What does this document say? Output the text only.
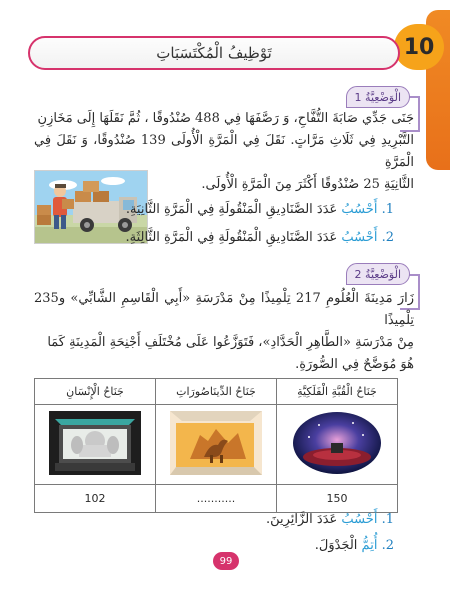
10
تَوْظِيفُ الْمُكْتَسَبَاتِ
الْوَضْعِيَّةُ 1
جَنَى جَدِّي صَابَةَ التُّفَّاحِ، وَ رَصَّفَهَا فِي 488 صُنْدُوقًا ، ثُمَّ نَقَلَهَا إِلَى مَخَازِنِ
التَّبْرِيدِ فِي ثَلَاثِ مَرَّاتٍ. نَقَلَ فِي الْمَرَّةِ الْأُولَى 139 صُنْدُوقًا، وَ نَقَلَ فِي الْمَرَّةِ
الثَّانِيَةِ 25 صُنْدُوقًا أَكْثَرَ مِنَ الْمَرَّةِ الْأُولَى.
1. أَحْسُبُ عَدَدَ الصَّنَادِيقِ الْمَنْقُولَةِ فِي الْمَرَّةِ الثَّانِيَةِ.
2. أَحْسُبُ عَدَدَ الصَّنَادِيقِ الْمَنْقُولَةِ فِي الْمَرَّةِ الثَّالِثَةِ.
الْوَضْعِيَّةُ 2
زَارَ مَدِينَةَ الْعُلُومِ 217 تِلْمِيذًا مِنْ مَدْرَسَةِ «أَبِي الْقَاسِمِ الشَّابِّي» و235 تِلْمِيذًا
مِنْ مَدْرَسَةِ «الطَّاهِرِ الْحَدَّادِ»، فَتَوَزَّعُوا عَلَى مُخْتَلَفِ أَجْنِحَةِ الْمَدِينَةِ كَمَا
هُوَ مُوَضَّحٌ فِي الصُّورَةِ.
جَنَاحُ الْقُبَّةِ الْفَلَكِيَّةِ	جَنَاحُ الدِّينَاصُورَاتِ	جَنَاحُ الْإِنْسَانِ

150	...........	102
1. أَحْسُبُ عَدَدَ الزَّائِرِينَ.
2. أُتِمُّ الْجَدْوَلَ.
99
